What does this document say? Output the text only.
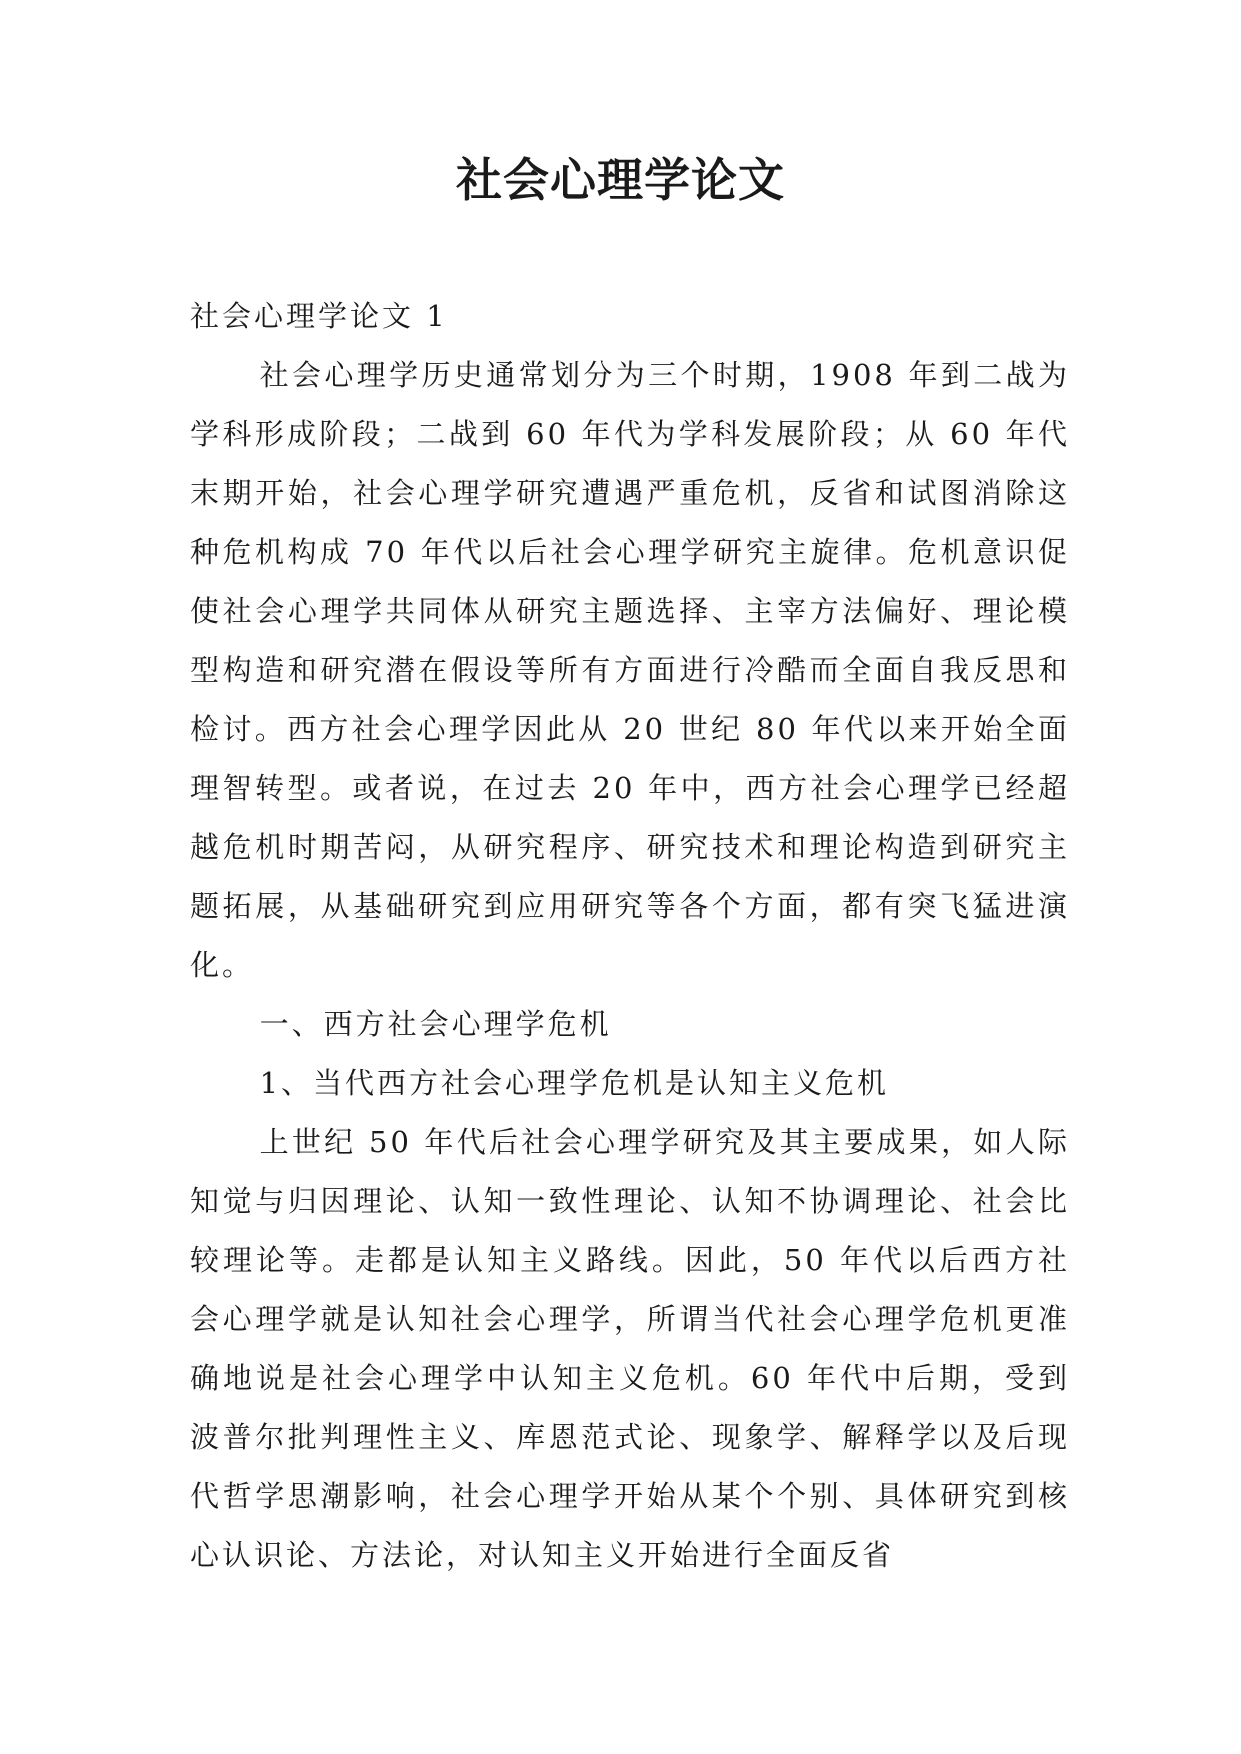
社会心理学论文

社会心理学论文 1

社会心理学历史通常划分为三个时期，1908 年到二战为学科形成阶段；二战到 60 年代为学科发展阶段；从 60 年代末期开始，社会心理学研究遭遇严重危机，反省和试图消除这种危机构成 70 年代以后社会心理学研究主旋律。危机意识促使社会心理学共同体从研究主题选择、主宰方法偏好、理论模型构造和研究潜在假设等所有方面进行冷酷而全面自我反思和检讨。西方社会心理学因此从 20 世纪 80 年代以来开始全面理智转型。或者说，在过去 20 年中，西方社会心理学已经超越危机时期苦闷，从研究程序、研究技术和理论构造到研究主题拓展，从基础研究到应用研究等各个方面，都有突飞猛进演化。

一、西方社会心理学危机

1、当代西方社会心理学危机是认知主义危机

上世纪 50 年代后社会心理学研究及其主要成果，如人际知觉与归因理论、认知一致性理论、认知不协调理论、社会比较理论等。走都是认知主义路线。因此，50 年代以后西方社会心理学就是认知社会心理学，所谓当代社会心理学危机更准确地说是社会心理学中认知主义危机。60 年代中后期，受到波普尔批判理性主义、库恩范式论、现象学、解释学以及后现代哲学思潮影响，社会心理学开始从某个个别、具体研究到核心认识论、方法论，对认知主义开始进行全面反省
